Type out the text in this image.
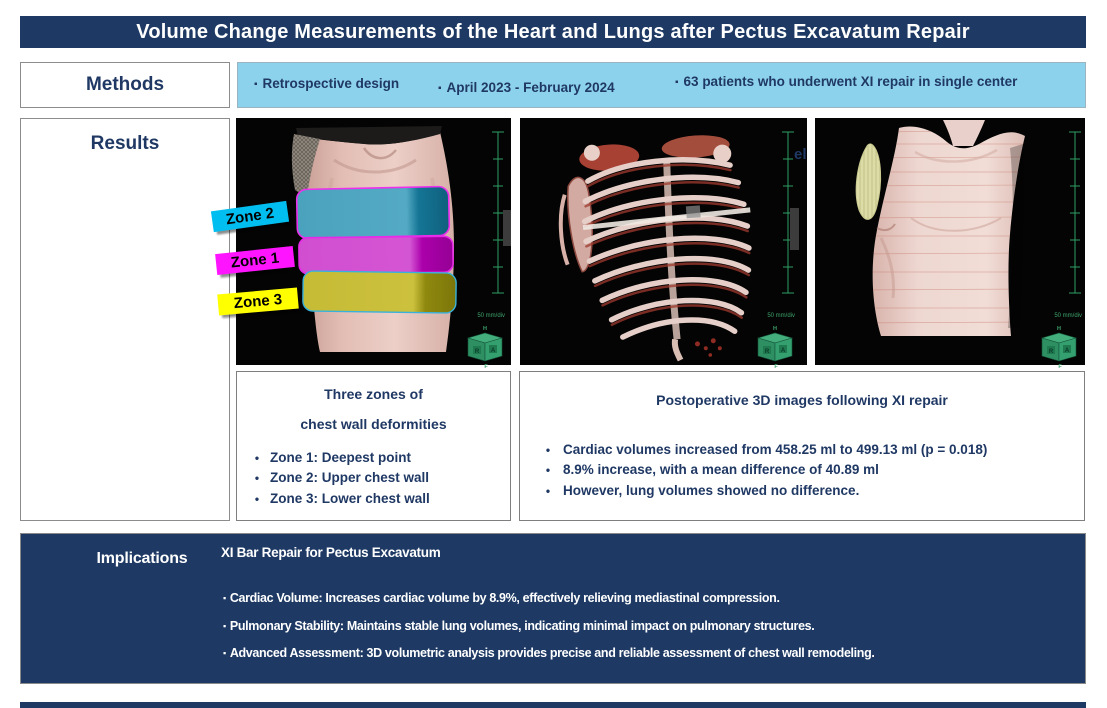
Volume Change Measurements of the Heart and Lungs after Pectus Excavatum Repair
Methods	▪ Retrospective design	▪ April 2023 - February 2024	▪ 63 patients who underwent XI repair in single center
Results
50 mm/div
H
R A
F
50 mm/div
H
R A
F
50 mm/div
H
R A
F
Zone 2
Zone 1
Zone 3
el
Three zones of
chest wall deformities
• Zone 1: Deepest point
• Zone 2: Upper chest wall
• Zone 3: Lower chest wall
Postoperative 3D images following XI repair
• Cardiac volumes increased from 458.25 ml to 499.13 ml (p = 0.018)
• 8.9% increase, with a mean difference of 40.89 ml
• However, lung volumes showed no difference.
Implications	XI Bar Repair for Pectus Excavatum
▪ Cardiac Volume: Increases cardiac volume by 8.9%, effectively relieving mediastinal compression.
▪ Pulmonary Stability: Maintains stable lung volumes, indicating minimal impact on pulmonary structures.
▪ Advanced Assessment: 3D volumetric analysis provides precise and reliable assessment of chest wall remodeling.
